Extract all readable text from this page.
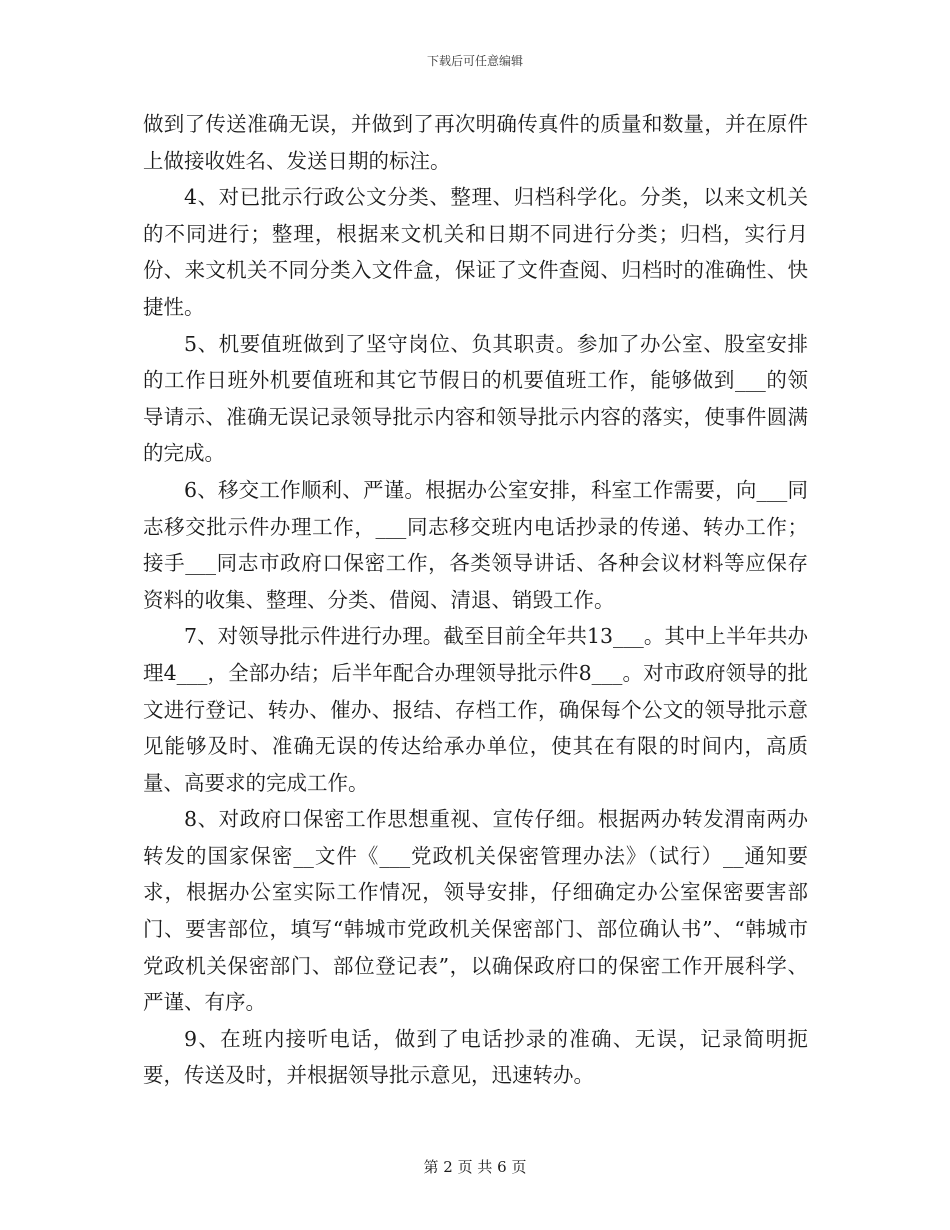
下载后可任意编辑

做到了传送准确无误，并做到了再次明确传真件的质量和数量，并在原件上做接收姓名、发送日期的标注。

4、对已批示行政公文分类、整理、归档科学化。分类，以来文机关的不同进行；整理，根据来文机关和日期不同进行分类；归档，实行月份、来文机关不同分类入文件盒，保证了文件查阅、归档时的准确性、快捷性。

5、机要值班做到了坚守岗位、负其职责。参加了办公室、股室安排的工作日班外机要值班和其它节假日的机要值班工作，能够做到___的领导请示、准确无误记录领导批示内容和领导批示内容的落实，使事件圆满的完成。

6、移交工作顺利、严谨。根据办公室安排，科室工作需要，向___同志移交批示件办理工作，___同志移交班内电话抄录的传递、转办工作；接手___同志市政府口保密工作，各类领导讲话、各种会议材料等应保存资料的收集、整理、分类、借阅、清退、销毁工作。

7、对领导批示件进行办理。截至目前全年共13___。其中上半年共办理4___，全部办结；后半年配合办理领导批示件8___。对市政府领导的批文进行登记、转办、催办、报结、存档工作，确保每个公文的领导批示意见能够及时、准确无误的传达给承办单位，使其在有限的时间内，高质量、高要求的完成工作。

8、对政府口保密工作思想重视、宣传仔细。根据两办转发渭南两办转发的国家保密__文件《___党政机关保密管理办法》（试行）__通知要求，根据办公室实际工作情况，领导安排，仔细确定办公室保密要害部门、要害部位，填写“韩城市党政机关保密部门、部位确认书”、“韩城市党政机关保密部门、部位登记表”，以确保政府口的保密工作开展科学、严谨、有序。

9、在班内接听电话，做到了电话抄录的准确、无误，记录简明扼要，传送及时，并根据领导批示意见，迅速转办。

第 2 页 共 6 页
